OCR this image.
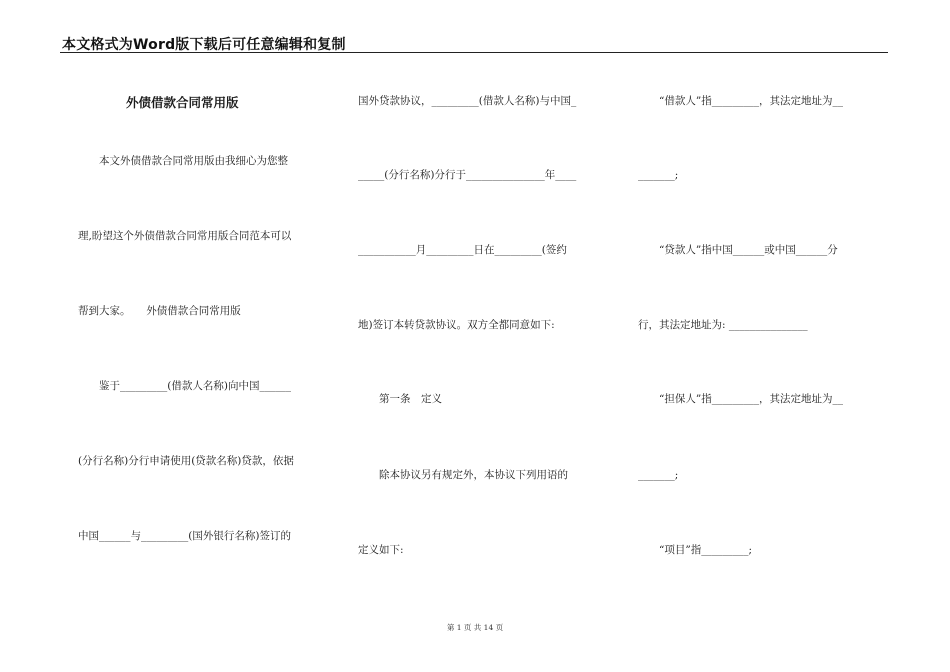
本文格式为Word版下载后可任意编辑和复制
外债借款合同常用版
　　本文外债借款合同常用版由我细心为您整
理,盼望这个外债借款合同常用版合同范本可以
帮到大家。　　外债借款合同常用版
　　鉴于_________(借款人名称)向中国______
(分行名称)分行申请使用(贷款名称)贷款，依据
中国______与_________(国外银行名称)签订的
国外贷款协议，_________(借款人名称)与中国_
_____(分行名称)分行于_______________年____
___________月_________日在_________(签约
地)签订本转贷款协议。双方全都同意如下:
　　第一条　定义
　　除本协议另有规定外，本协议下列用语的
定义如下:
　　“借款人”指_________，其法定地址为__
_______;
　　“贷款人”指中国______或中国______分
行，其法定地址为: _______________
　　“担保人”指_________，其法定地址为__
_______;
　　“项目”指_________;
第 1 页 共 14 页
